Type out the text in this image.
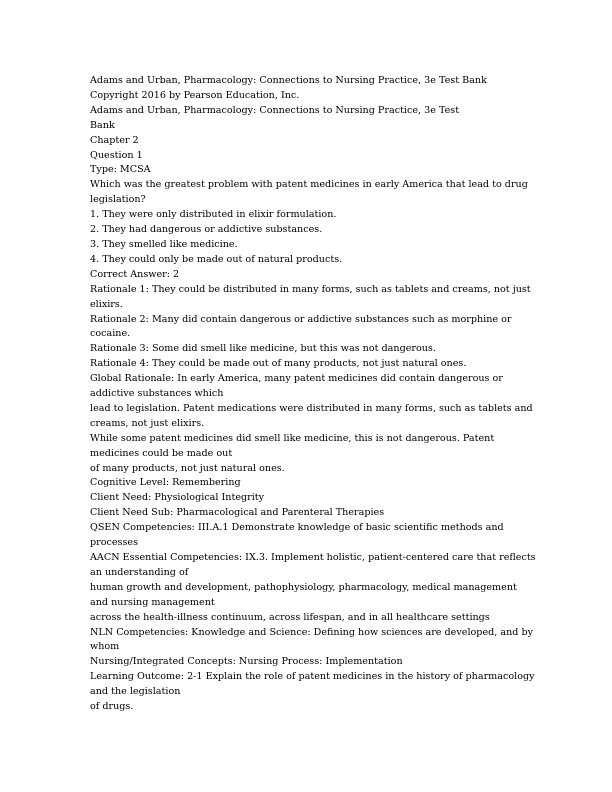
Adams and Urban, Pharmacology: Connections to Nursing Practice, 3e Test Bank
Copyright 2016 by Pearson Education, Inc.
Adams and Urban, Pharmacology: Connections to Nursing Practice, 3e Test
Bank
Chapter 2
Question 1
Type: MCSA
Which was the greatest problem with patent medicines in early America that lead to drug
legislation?
1. They were only distributed in elixir formulation.
2. They had dangerous or addictive substances.
3. They smelled like medicine.
4. They could only be made out of natural products.
Correct Answer: 2
Rationale 1: They could be distributed in many forms, such as tablets and creams, not just
elixirs.
Rationale 2: Many did contain dangerous or addictive substances such as morphine or
cocaine.
Rationale 3: Some did smell like medicine, but this was not dangerous.
Rationale 4: They could be made out of many products, not just natural ones.
Global Rationale: In early America, many patent medicines did contain dangerous or
addictive substances which
lead to legislation. Patent medications were distributed in many forms, such as tablets and
creams, not just elixirs.
While some patent medicines did smell like medicine, this is not dangerous. Patent
medicines could be made out
of many products, not just natural ones.
Cognitive Level: Remembering
Client Need: Physiological Integrity
Client Need Sub: Pharmacological and Parenteral Therapies
QSEN Competencies: III.A.1 Demonstrate knowledge of basic scientific methods and
processes
AACN Essential Competencies: IX.3. Implement holistic, patient-centered care that reflects
an understanding of
human growth and development, pathophysiology, pharmacology, medical management
and nursing management
across the health-illness continuum, across lifespan, and in all healthcare settings
NLN Competencies: Knowledge and Science: Defining how sciences are developed, and by
whom
Nursing/Integrated Concepts: Nursing Process: Implementation
Learning Outcome: 2-1 Explain the role of patent medicines in the history of pharmacology
and the legislation
of drugs.
